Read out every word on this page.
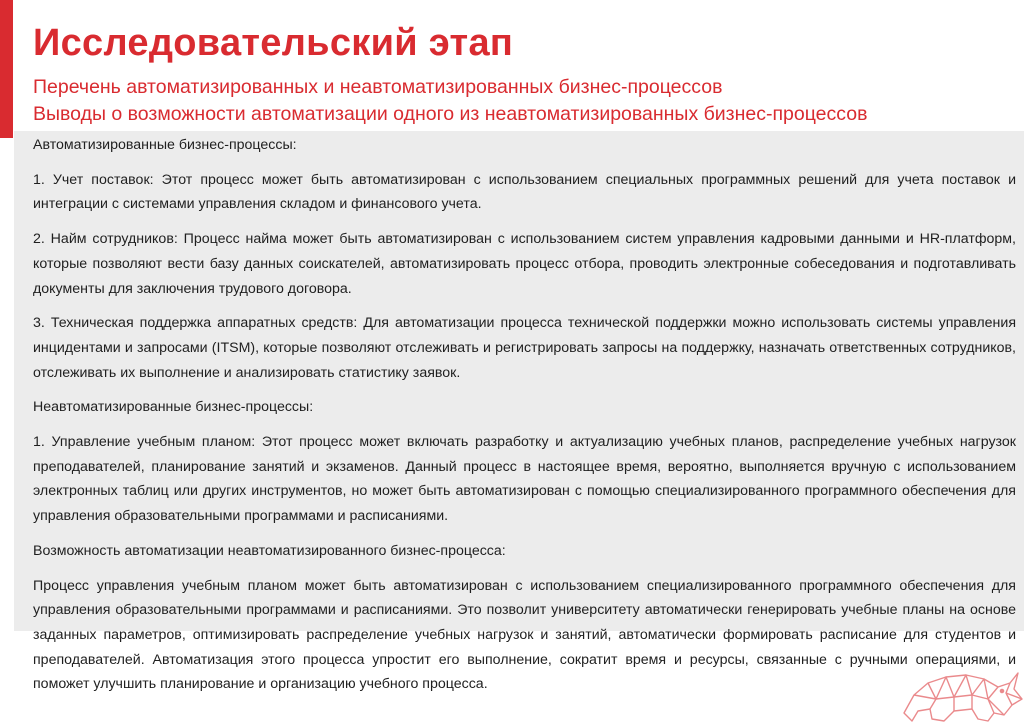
Исследовательский этап
Перечень автоматизированных и неавтоматизированных бизнес-процессов
Выводы о возможности автоматизации одного из неавтоматизированных бизнес-процессов

Автоматизированные бизнес-процессы:

1. Учет поставок: Этот процесс может быть автоматизирован с использованием специальных программных решений для учета поставок и интеграции с системами управления складом и финансового учета.

2. Найм сотрудников: Процесс найма может быть автоматизирован с использованием систем управления кадровыми данными и HR-платформ, которые позволяют вести базу данных соискателей, автоматизировать процесс отбора, проводить электронные собеседования и подготавливать документы для заключения трудового договора.

3. Техническая поддержка аппаратных средств: Для автоматизации процесса технической поддержки можно использовать системы управления инцидентами и запросами (ITSM), которые позволяют отслеживать и регистрировать запросы на поддержку, назначать ответственных сотрудников, отслеживать их выполнение и анализировать статистику заявок.

Неавтоматизированные бизнес-процессы:

1. Управление учебным планом: Этот процесс может включать разработку и актуализацию учебных планов, распределение учебных нагрузок преподавателей, планирование занятий и экзаменов. Данный процесс в настоящее время, вероятно, выполняется вручную с использованием электронных таблиц или других инструментов, но может быть автоматизирован с помощью специализированного программного обеспечения для управления образовательными программами и расписаниями.

Возможность автоматизации неавтоматизированного бизнес-процесса:

Процесс управления учебным планом может быть автоматизирован с использованием специализированного программного обеспечения для управления образовательными программами и расписаниями. Это позволит университету автоматически генерировать учебные планы на основе заданных параметров, оптимизировать распределение учебных нагрузок и занятий, автоматически формировать расписание для студентов и преподавателей. Автоматизация этого процесса упростит его выполнение, сократит время и ресурсы, связанные с ручными операциями, и поможет улучшить планирование и организацию учебного процесса.
